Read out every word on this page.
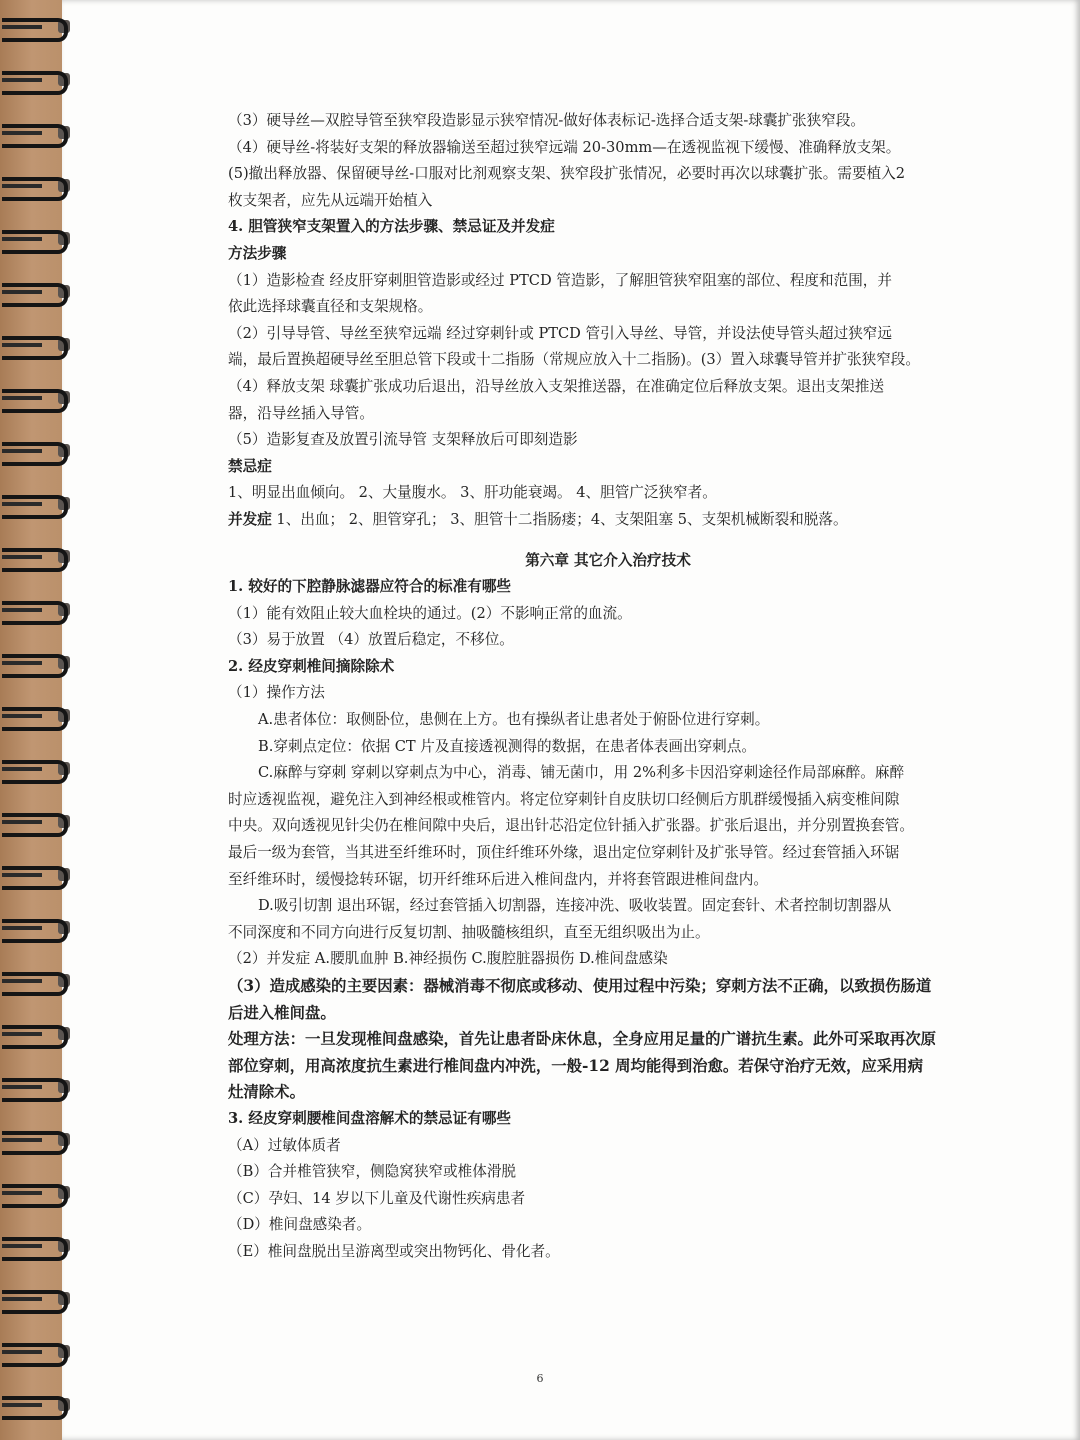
（3）硬导丝—双腔导管至狭窄段造影显示狭窄情况-做好体表标记-选择合适支架-球囊扩张狭窄段。
（4）硬导丝-将装好支架的释放器输送至超过狭窄远端 20-30mm—在透视监视下缓慢、准确释放支架。
(5)撤出释放器、保留硬导丝-口服对比剂观察支架、狭窄段扩张情况，必要时再次以球囊扩张。需要植入2
枚支架者，应先从远端开始植入
4. 胆管狭窄支架置入的方法步骤、禁忌证及并发症
方法步骤
（1）造影检查 经皮肝穿刺胆管造影或经过 PTCD 管造影，了解胆管狭窄阻塞的部位、程度和范围，并
依此选择球囊直径和支架规格。
（2）引导导管、导丝至狭窄远端 经过穿刺针或 PTCD 管引入导丝、导管，并设法使导管头超过狭窄远
端，最后置换超硬导丝至胆总管下段或十二指肠（常规应放入十二指肠)。(3）置入球囊导管并扩张狭窄段。
（4）释放支架 球囊扩张成功后退出，沿导丝放入支架推送器，在准确定位后释放支架。退出支架推送
器，沿导丝插入导管。
（5）造影复查及放置引流导管 支架释放后可即刻造影
禁忌症
1、明显出血倾向。 2、大量腹水。 3、肝功能衰竭。 4、胆管广泛狭窄者。
并发症 1、出血； 2、胆管穿孔； 3、胆管十二指肠瘘；4、支架阻塞 5、支架机械断裂和脱落。
第六章 其它介入治疗技术
1. 较好的下腔静脉滤器应符合的标准有哪些
（1）能有效阻止较大血栓块的通过。(2）不影响正常的血流。
（3）易于放置 （4）放置后稳定，不移位。
2. 经皮穿刺椎间摘除除术
（1）操作方法
A.患者体位：取侧卧位，患侧在上方。也有操纵者让患者处于俯卧位进行穿刺。
B.穿刺点定位：依据 CT 片及直接透视测得的数据，在患者体表画出穿刺点。
C.麻醉与穿刺 穿刺以穿刺点为中心，消毒、铺无菌巾，用 2%利多卡因沿穿刺途径作局部麻醉。麻醉
时应透视监视，避免注入到神经根或椎管内。将定位穿刺针自皮肤切口经侧后方肌群缓慢插入病变椎间隙
中央。双向透视见针尖仍在椎间隙中央后，退出针芯沿定位针插入扩张器。扩张后退出，并分别置换套管。
最后一级为套管，当其进至纤维环时，顶住纤维环外缘，退出定位穿刺针及扩张导管。经过套管插入环锯
至纤维环时，缓慢捻转环锯，切开纤维环后进入椎间盘内，并将套管跟进椎间盘内。
D.吸引切割 退出环锯，经过套管插入切割器，连接冲洗、吸收装置。固定套针、术者控制切割器从
不同深度和不同方向进行反复切割、抽吸髓核组织，直至无组织吸出为止。
（2）并发症 A.腰肌血肿 B.神经损伤 C.腹腔脏器损伤 D.椎间盘感染
（3）造成感染的主要因素：器械消毒不彻底或移动、使用过程中污染；穿刺方法不正确，以致损伤肠道
后进入椎间盘。
处理方法：一旦发现椎间盘感染，首先让患者卧床休息，全身应用足量的广谱抗生素。此外可采取再次原
部位穿刺，用高浓度抗生素进行椎间盘内冲洗，一般-12 周均能得到治愈。若保守治疗无效，应采用病
灶清除术。
3. 经皮穿刺腰椎间盘溶解术的禁忌证有哪些
（A）过敏体质者
（B）合并椎管狭窄，侧隐窝狭窄或椎体滑脱
（C）孕妇、14 岁以下儿童及代谢性疾病患者
（D）椎间盘感染者。
（E）椎间盘脱出呈游离型或突出物钙化、骨化者。
6
